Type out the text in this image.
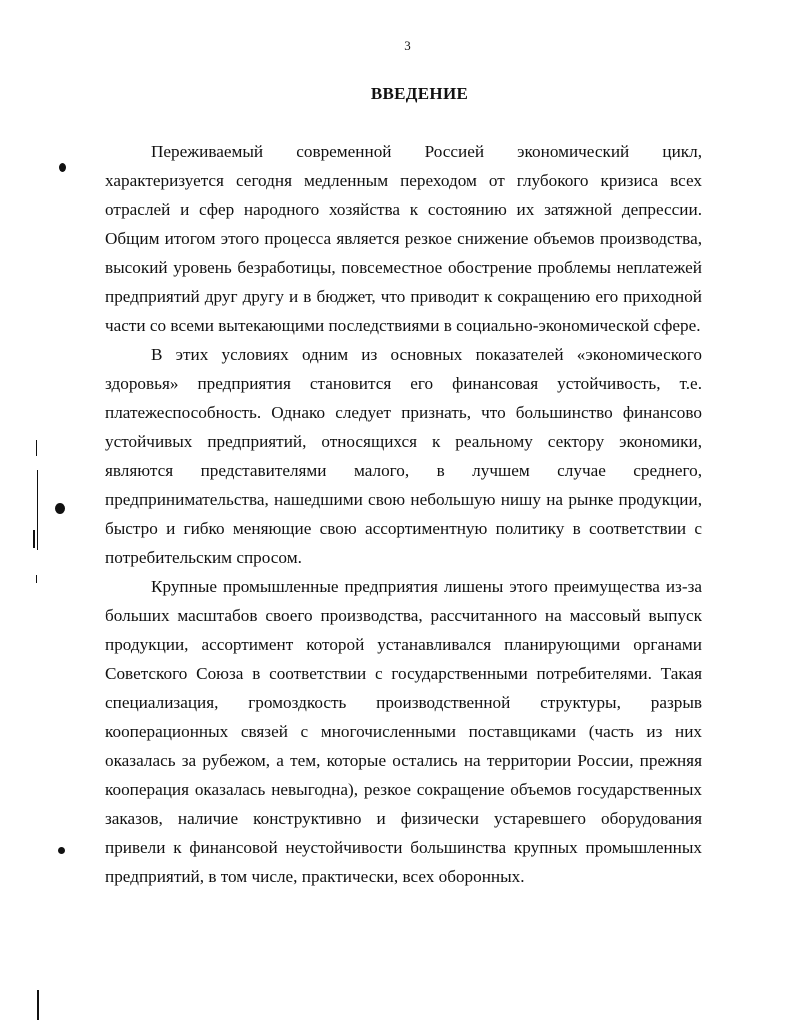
3
ВВЕДЕНИЕ

Переживаемый современной Россией экономический цикл, характеризуется сегодня медленным переходом от глубокого кризиса всех отраслей и сфер народного хозяйства к состоянию их затяжной депрессии. Общим итогом этого процесса является резкое снижение объемов производства, высокий уровень безработицы, повсеместное обострение проблемы неплатежей предприятий друг другу и в бюджет, что приводит к сокращению его приходной части со всеми вытекающими последствиями в социально-экономической сфере.

В этих условиях одним из основных показателей «экономического здоровья» предприятия становится его финансовая устойчивость, т.е. платежеспособность. Однако следует признать, что большинство финансово устойчивых предприятий, относящихся к реальному сектору экономики, являются представителями малого, в лучшем случае среднего, предпринимательства, нашедшими свою небольшую нишу на рынке продукции, быстро и гибко меняющие свою ассортиментную политику в соответствии с потребительским спросом.

Крупные промышленные предприятия лишены этого преимущества из-за больших масштабов своего производства, рассчитанного на массовый выпуск продукции, ассортимент которой устанавливался планирующими органами Советского Союза в соответствии с государственными потребителями. Такая специализация, громоздкость производственной структуры, разрыв кооперационных связей с многочисленными поставщиками (часть из них оказалась за рубежом, а тем, которые остались на территории России, прежняя кооперация оказалась невыгодна), резкое сокращение объемов государственных заказов, наличие конструктивно и физически устаревшего оборудования привели к финансовой неустойчивости большинства крупных промышленных предприятий, в том числе, практически, всех оборонных.
